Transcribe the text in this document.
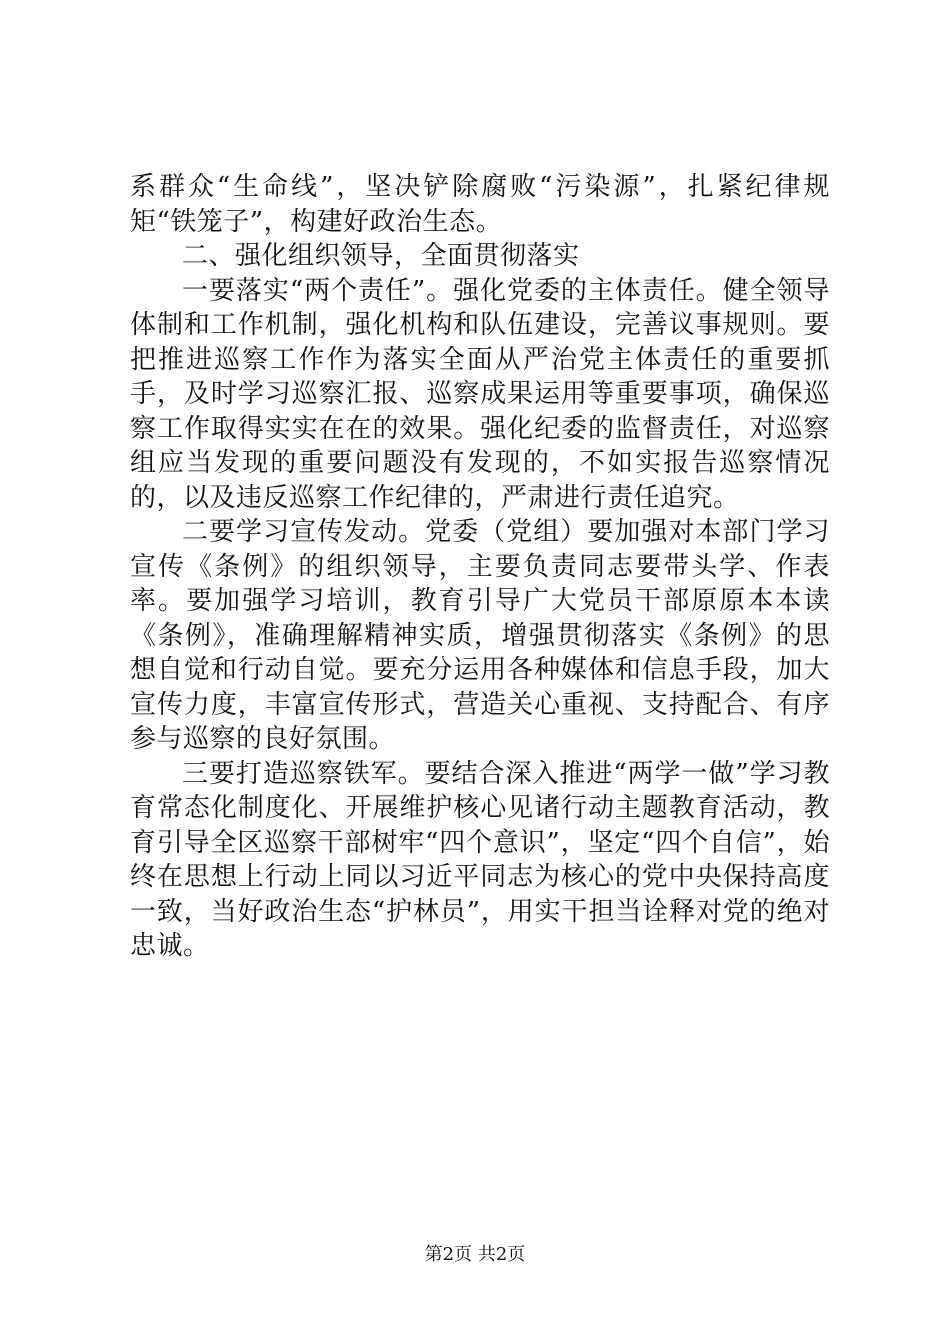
系群众“生命线”，坚决铲除腐败“污染源”，扎紧纪律规矩“铁笼子”，构建好政治生态。

二、强化组织领导，全面贯彻落实

一要落实“两个责任”。强化党委的主体责任。健全领导体制和工作机制，强化机构和队伍建设，完善议事规则。要把推进巡察工作作为落实全面从严治党主体责任的重要抓手，及时学习巡察汇报、巡察成果运用等重要事项，确保巡察工作取得实实在在的效果。强化纪委的监督责任，对巡察组应当发现的重要问题没有发现的，不如实报告巡察情况的，以及违反巡察工作纪律的，严肃进行责任追究。

二要学习宣传发动。党委（党组）要加强对本部门学习宣传《条例》的组织领导，主要负责同志要带头学、作表率。要加强学习培训，教育引导广大党员干部原原本本读《条例》，准确理解精神实质，增强贯彻落实《条例》的思想自觉和行动自觉。要充分运用各种媒体和信息手段，加大宣传力度，丰富宣传形式，营造关心重视、支持配合、有序参与巡察的良好氛围。

三要打造巡察铁军。要结合深入推进“两学一做”学习教育常态化制度化、开展维护核心见诸行动主题教育活动，教育引导全区巡察干部树牢“四个意识”，坚定“四个自信”，始终在思想上行动上同以习近平同志为核心的党中央保持高度一致，当好政治生态“护林员”，用实干担当诠释对党的绝对忠诚。

第2页 共2页
